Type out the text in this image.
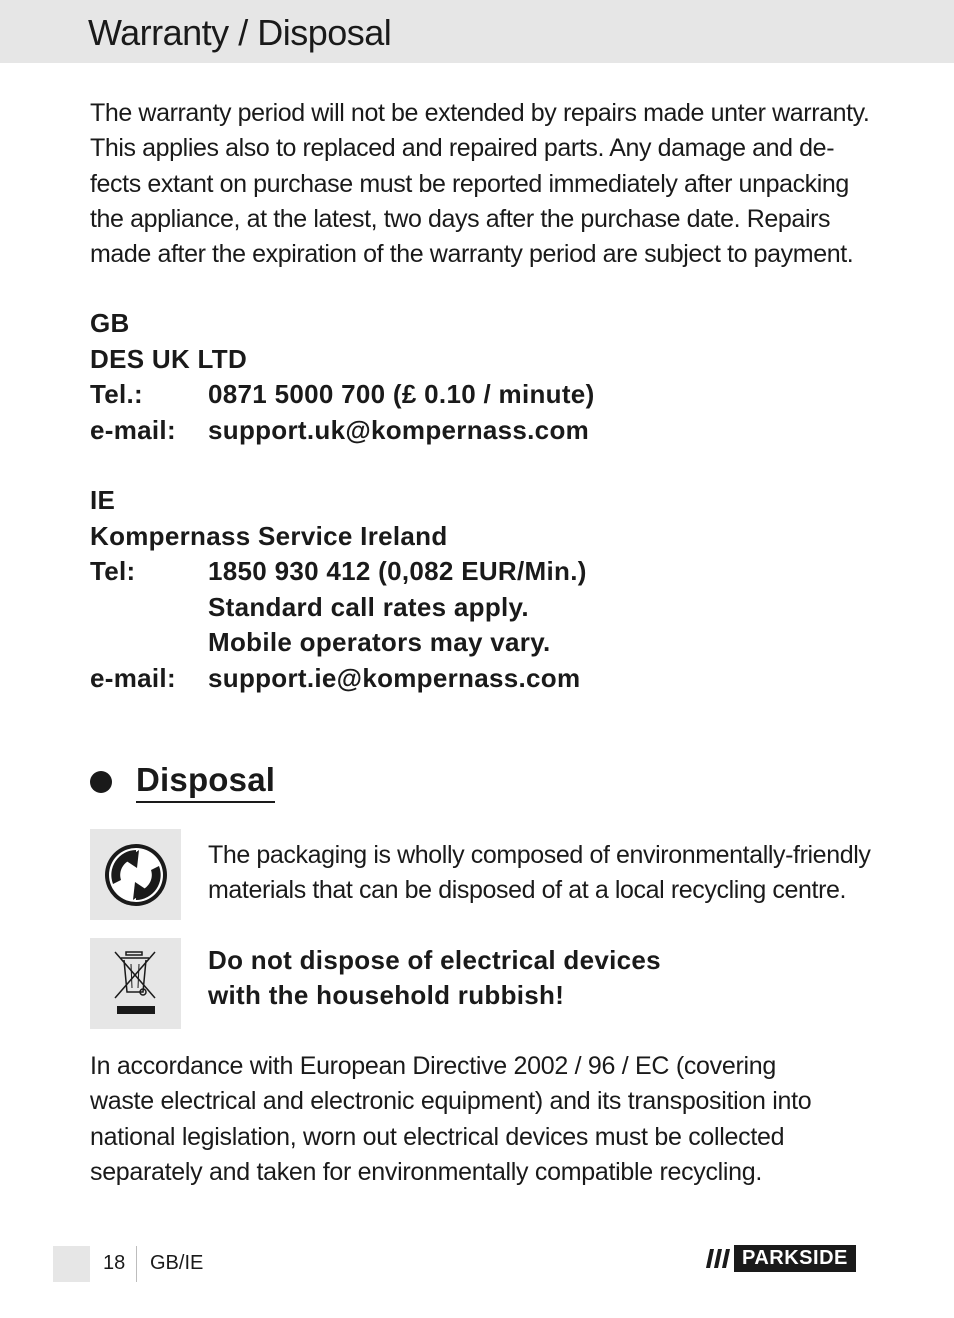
Warranty / Disposal
The warranty period will not be extended by repairs made unter warranty.
This applies also to replaced and repaired parts. Any damage and de-
fects extant on purchase must be reported immediately after unpacking
the appliance, at the latest, two days after the purchase date. Repairs
made after the expiration of the warranty period are subject to payment.
GB
DES UK LTD
Tel.: 0871 5000 700 (£ 0.10 / minute)
e-mail: support.uk@kompernass.com
IE
Kompernass Service Ireland
Tel:	1850 930 412 (0,082 EUR/Min.)
Standard call rates apply.
Mobile operators may vary.
e-mail: support.ie@kompernass.com
Disposal
The packaging is wholly composed of environmentally-friendly
materials that can be disposed of at a local recycling centre.
Do not dispose of electrical devices
with the household rubbish!
In accordance with European Directive 2002 / 96 / EC (covering
waste electrical and electronic equipment) and its transposition into
national legislation, worn out electrical devices must be collected
separately and taken for environmentally compatible recycling.
18 GB/IE	PARKSIDE
